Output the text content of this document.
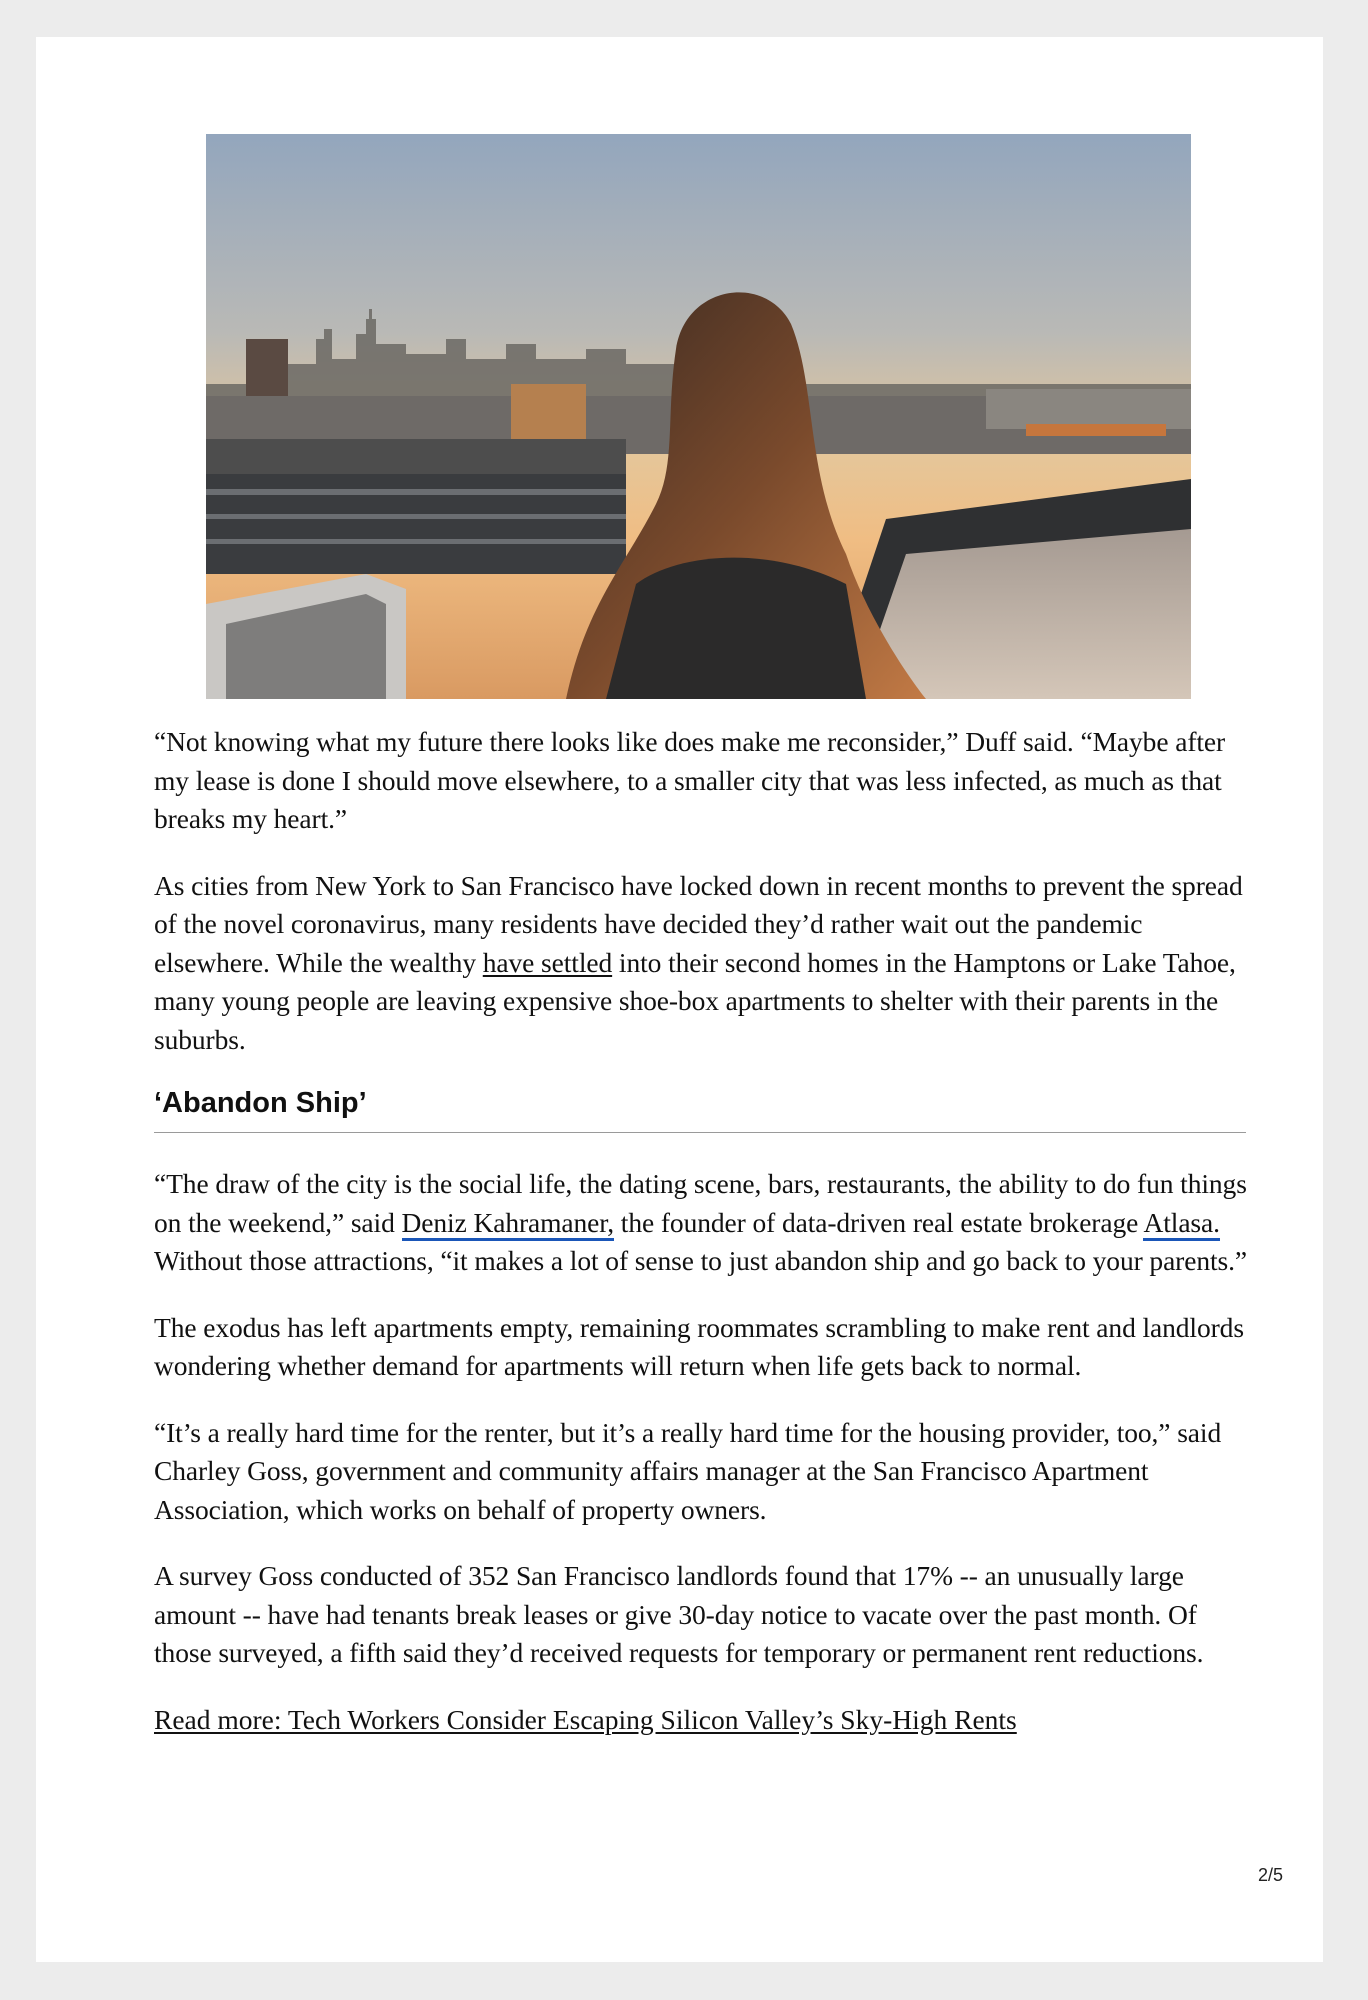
“Not knowing what my future there looks like does make me reconsider,” Duff said. “Maybe after my lease is done I should move elsewhere, to a smaller city that was less infected, as much as that breaks my heart.”

As cities from New York to San Francisco have locked down in recent months to prevent the spread of the novel coronavirus, many residents have decided they’d rather wait out the pandemic elsewhere. While the wealthy have settled into their second homes in the Hamptons or Lake Tahoe, many young people are leaving expensive shoe-box apartments to shelter with their parents in the suburbs.

‘Abandon Ship’

“The draw of the city is the social life, the dating scene, bars, restaurants, the ability to do fun things on the weekend,” said Deniz Kahramaner, the founder of data-driven real estate brokerage Atlasa. Without those attractions, “it makes a lot of sense to just abandon ship and go back to your parents.”

The exodus has left apartments empty, remaining roommates scrambling to make rent and landlords wondering whether demand for apartments will return when life gets back to normal.

“It’s a really hard time for the renter, but it’s a really hard time for the housing provider, too,” said Charley Goss, government and community affairs manager at the San Francisco Apartment Association, which works on behalf of property owners.

A survey Goss conducted of 352 San Francisco landlords found that 17% -- an unusually large amount -- have had tenants break leases or give 30-day notice to vacate over the past month. Of those surveyed, a fifth said they’d received requests for temporary or permanent rent reductions.

Read more: Tech Workers Consider Escaping Silicon Valley’s Sky-High Rents
2/5
